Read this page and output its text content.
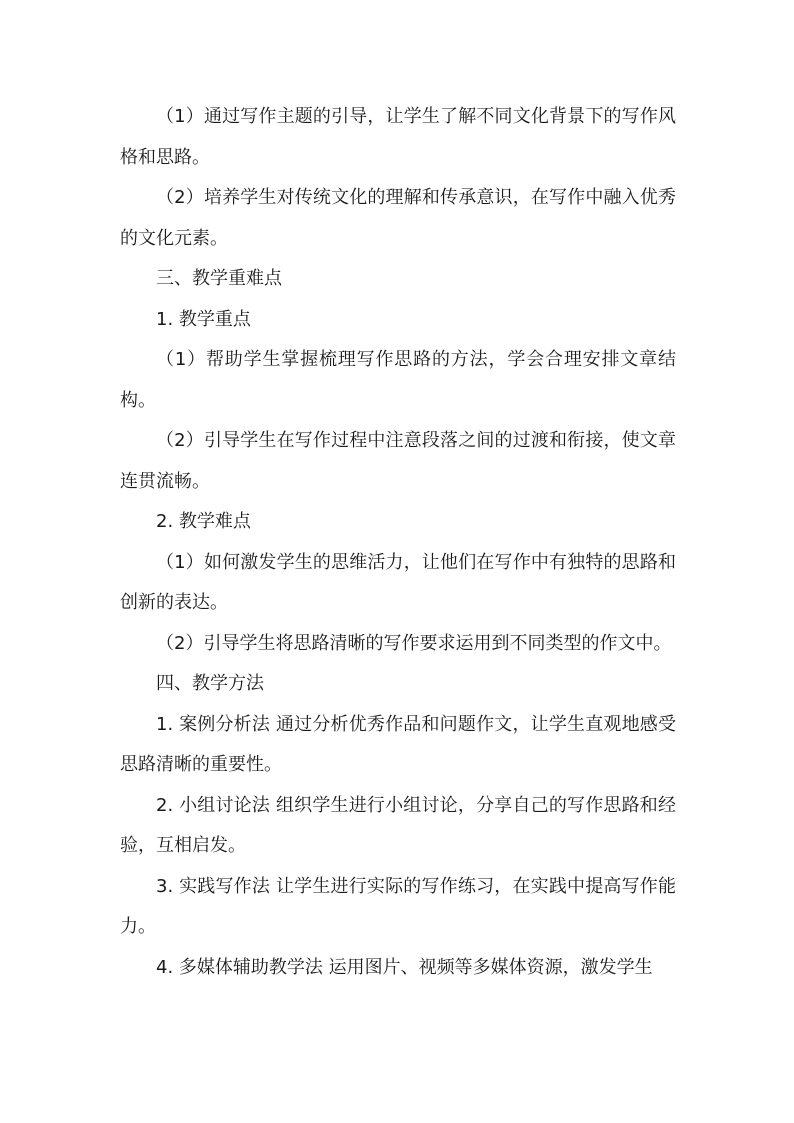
（1）通过写作主题的引导，让学生了解不同文化背景下的写作风格和思路。

（2）培养学生对传统文化的理解和传承意识，在写作中融入优秀的文化元素。

三、教学重难点

1. 教学重点

（1）帮助学生掌握梳理写作思路的方法，学会合理安排文章结构。

（2）引导学生在写作过程中注意段落之间的过渡和衔接，使文章连贯流畅。

2. 教学难点

（1）如何激发学生的思维活力，让他们在写作中有独特的思路和创新的表达。

（2）引导学生将思路清晰的写作要求运用到不同类型的作文中。

四、教学方法

1. 案例分析法 通过分析优秀作品和问题作文，让学生直观地感受思路清晰的重要性。

2. 小组讨论法 组织学生进行小组讨论，分享自己的写作思路和经验，互相启发。

3. 实践写作法 让学生进行实际的写作练习，在实践中提高写作能力。

4. 多媒体辅助教学法 运用图片、视频等多媒体资源，激发学生
